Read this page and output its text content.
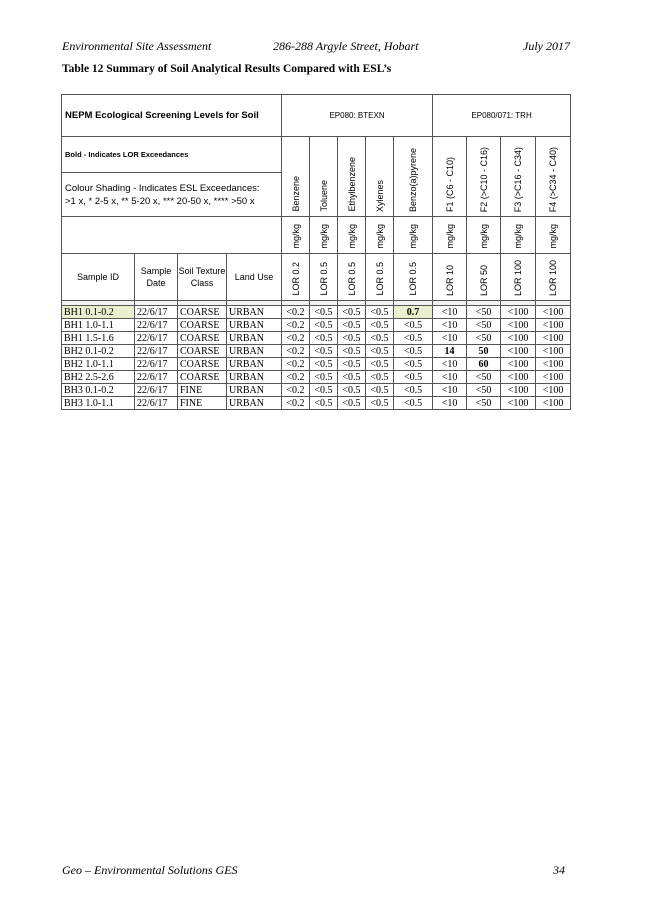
Environmental Site Assessment	286-288 Argyle Street, Hobart	July 2017
Table 12 Summary of Soil Analytical Results Compared with ESL’s
NEPM Ecological Screening Levels for Soil				EP080: BTEXN					EP080/071: TRH			
Bold - Indicates LOR Exceedances				Benzene	Toluene	Ethylbenzene	Xylenes	Benzo(a)pyrene	F1 (C6 - C10)	F2 (>C10 - C16)	F3 (>C16 - C34)	F4 (>C34 - C40)

Colour Shading - Indicates ESL Exceedances:
>1 x, * 2-5 x, ** 5-20 x, *** 20-50 x, **** >50 x												

				mg/kg	mg/kg	mg/kg	mg/kg	mg/kg	mg/kg	mg/kg	mg/kg	mg/kg

Sample ID	Sample Date	Soil Texture Class	Land Use	LOR 0.2	LOR 0.5	LOR 0.5	LOR 0.5	LOR 0.5	LOR 10	LOR 50	LOR 100	LOR 100

BH1 0.1-0.2	22/6/17	COARSE	URBAN	<0.2	<0.5	<0.5	<0.5	0.7	<10	<50	<100	<100
BH1 1.0-1.1	22/6/17	COARSE	URBAN	<0.2	<0.5	<0.5	<0.5	<0.5	<10	<50	<100	<100
BH1 1.5-1.6	22/6/17	COARSE	URBAN	<0.2	<0.5	<0.5	<0.5	<0.5	<10	<50	<100	<100
BH2 0.1-0.2	22/6/17	COARSE	URBAN	<0.2	<0.5	<0.5	<0.5	<0.5	14	50	<100	<100
BH2 1.0-1.1	22/6/17	COARSE	URBAN	<0.2	<0.5	<0.5	<0.5	<0.5	<10	60	<100	<100
BH2 2.5-2.6	22/6/17	COARSE	URBAN	<0.2	<0.5	<0.5	<0.5	<0.5	<10	<50	<100	<100
BH3 0.1-0.2	22/6/17	FINE	URBAN	<0.2	<0.5	<0.5	<0.5	<0.5	<10	<50	<100	<100
BH3 1.0-1.1	22/6/17	FINE	URBAN	<0.2	<0.5	<0.5	<0.5	<0.5	<10	<50	<100	<100
Geo – Environmental Solutions GES	34
